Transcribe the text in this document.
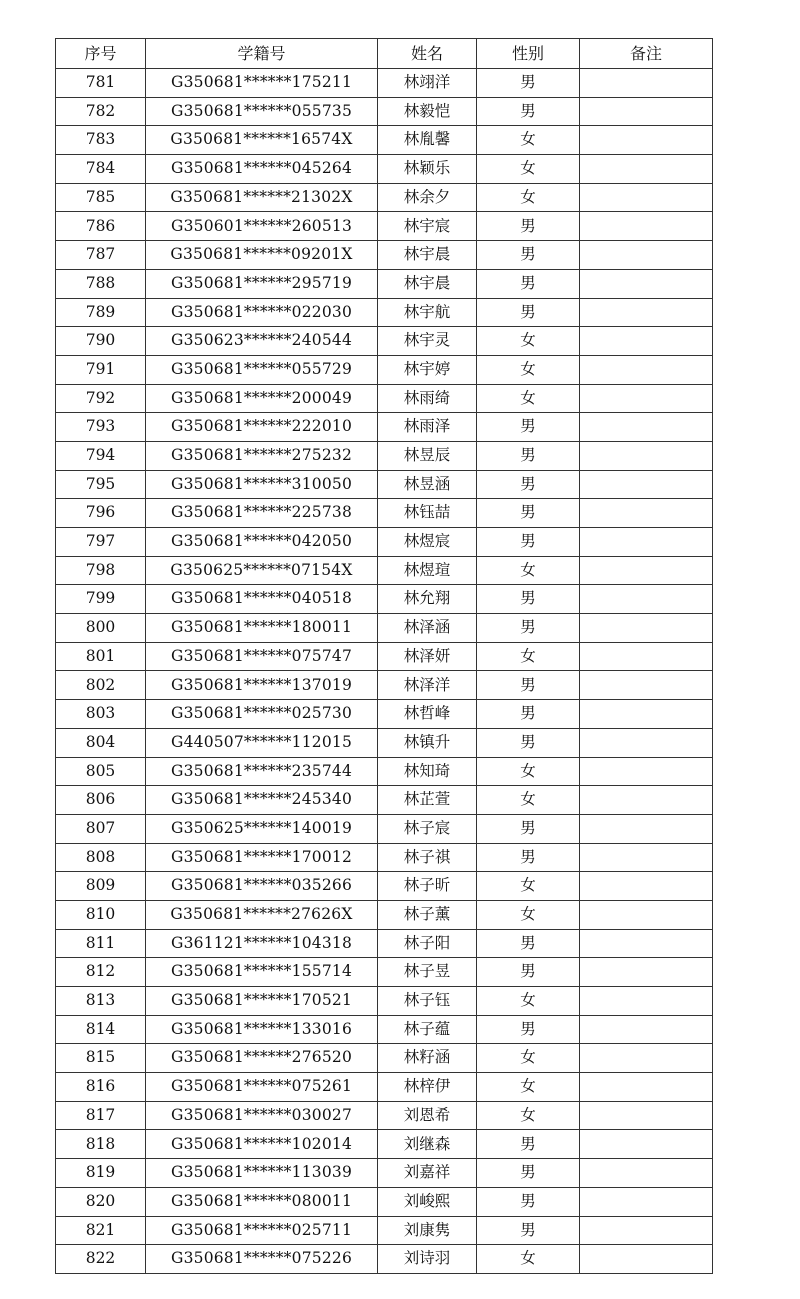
序号	学籍号	姓名	性别	备注
781	G350681******175211	林翊洋	男	
782	G350681******055735	林毅恺	男	
783	G350681******16574X	林胤馨	女	
784	G350681******045264	林颖乐	女	
785	G350681******21302X	林余夕	女	
786	G350601******260513	林宇宸	男	
787	G350681******09201X	林宇晨	男	
788	G350681******295719	林宇晨	男	
789	G350681******022030	林宇航	男	
790	G350623******240544	林宇灵	女	
791	G350681******055729	林宇婷	女	
792	G350681******200049	林雨绮	女	
793	G350681******222010	林雨泽	男	
794	G350681******275232	林昱辰	男	
795	G350681******310050	林昱涵	男	
796	G350681******225738	林钰喆	男	
797	G350681******042050	林煜宸	男	
798	G350625******07154X	林煜瑄	女	
799	G350681******040518	林允翔	男	
800	G350681******180011	林泽涵	男	
801	G350681******075747	林泽妍	女	
802	G350681******137019	林泽洋	男	
803	G350681******025730	林哲峰	男	
804	G440507******112015	林镇升	男	
805	G350681******235744	林知琦	女	
806	G350681******245340	林芷萱	女	
807	G350625******140019	林子宸	男	
808	G350681******170012	林子祺	男	
809	G350681******035266	林子昕	女	
810	G350681******27626X	林子薰	女	
811	G361121******104318	林子阳	男	
812	G350681******155714	林子昱	男	
813	G350681******170521	林子钰	女	
814	G350681******133016	林子蕴	男	
815	G350681******276520	林籽涵	女	
816	G350681******075261	林梓伊	女	
817	G350681******030027	刘恩希	女	
818	G350681******102014	刘继森	男	
819	G350681******113039	刘嘉祥	男	
820	G350681******080011	刘峻熙	男	
821	G350681******025711	刘康隽	男	
822	G350681******075226	刘诗羽	女	
